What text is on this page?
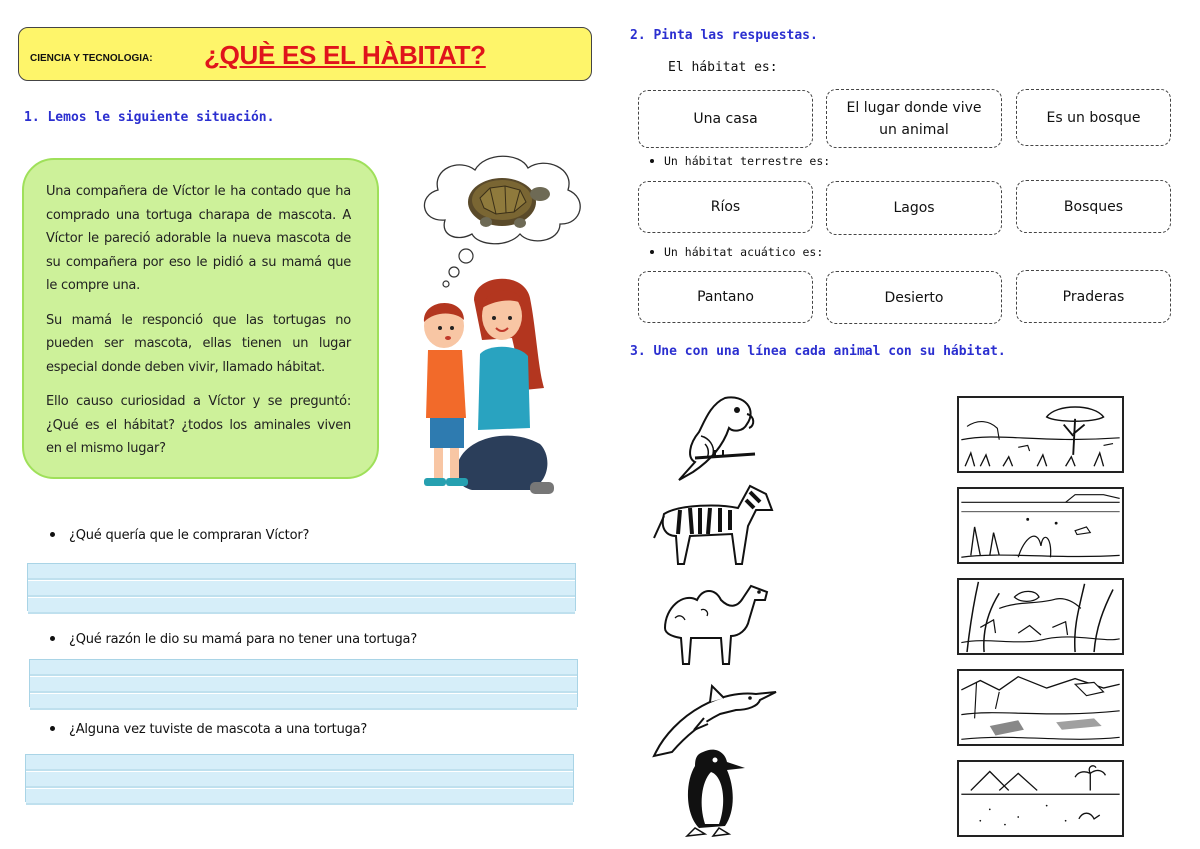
CIENCIA Y TECNOLOGIA: ¿QUÈ ES EL HÀBITAT?
1. Lemos le siguiente situación.

Una compañera de Víctor le ha contado que ha comprado una tortuga charapa de mascota. A Víctor le pareció adorable la nueva mascota de su compañera por eso le pidió a su mamá que le compre una.

Su mamá le responció que las tortugas no pueden ser mascota, ellas tienen un lugar especial donde deben vivir, llamado hábitat.

Ello causo curiosidad a Víctor y se preguntó: ¿Qué es el hábitat? ¿todos los aminales viven en el mismo lugar?

¿Qué quería que le compraran Víctor?
¿Qué razón le dio su mamá para no tener una tortuga?
¿Alguna vez tuviste de mascota a una tortuga?
2. Pinta las respuestas.
El hábitat es:
Una casa
El lugar donde vive un animal
Es un bosque
Un hábitat terrestre es:
Ríos	Lagos	Bosques
Un hábitat acuático es:
Pantano	Desierto	Praderas
3. Une con una línea cada animal con su hábitat.
